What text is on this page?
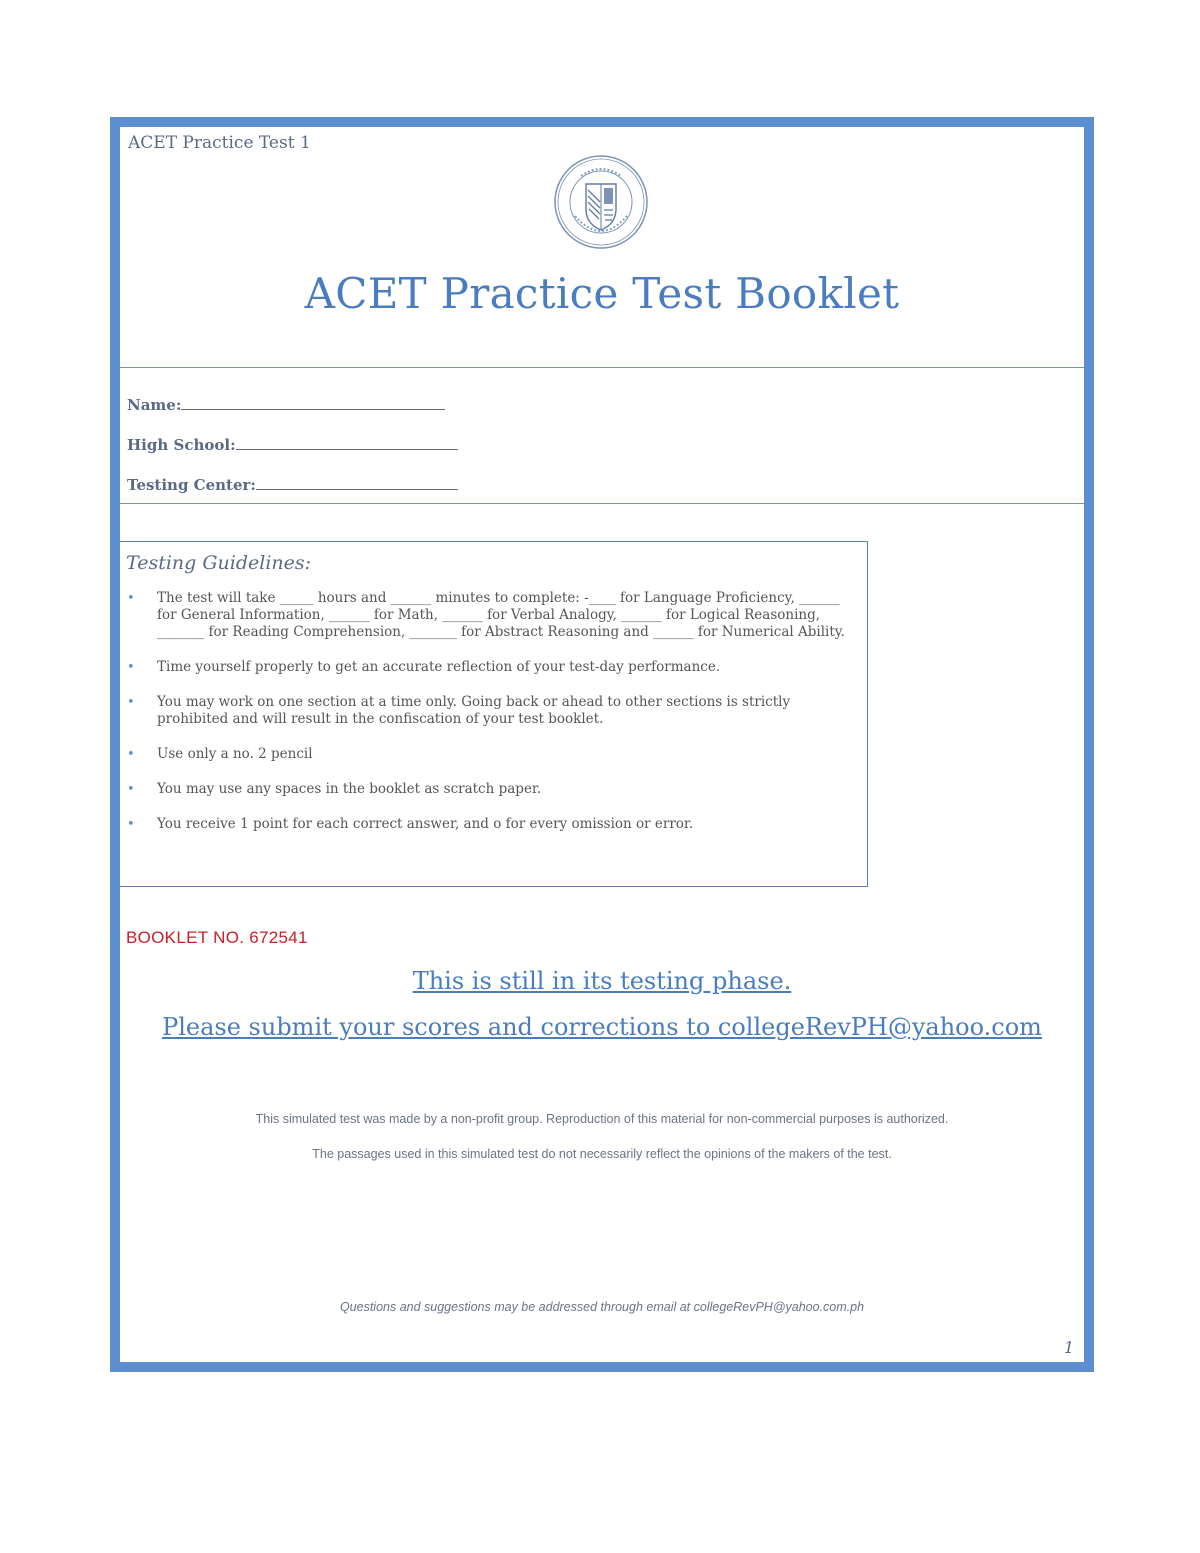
ACET Practice Test 1
ACET Practice Test Booklet
Name:
High School:
Testing Center:
Testing Guidelines:
• The test will take _____ hours and ______ minutes to complete: -____ for Language Proficiency, ______ for General Information, ______ for Math, ______ for Verbal Analogy, ______ for Logical Reasoning, _______ for Reading Comprehension, _______ for Abstract Reasoning and ______ for Numerical Ability.
• Time yourself properly to get an accurate reflection of your test-day performance.
• You may work on one section at a time only. Going back or ahead to other sections is strictly prohibited and will result in the confiscation of your test booklet.
• Use only a no. 2 pencil
• You may use any spaces in the booklet as scratch paper.
• You receive 1 point for each correct answer, and o for every omission or error.
BOOKLET NO. 672541
This is still in its testing phase.
Please submit your scores and corrections to collegeRevPH@yahoo.com
This simulated test was made by a non-profit group. Reproduction of this material for non-commercial purposes is authorized.
The passages used in this simulated test do not necessarily reflect the opinions of the makers of the test.
Questions and suggestions may be addressed through email at collegeRevPH@yahoo.com.ph
1
